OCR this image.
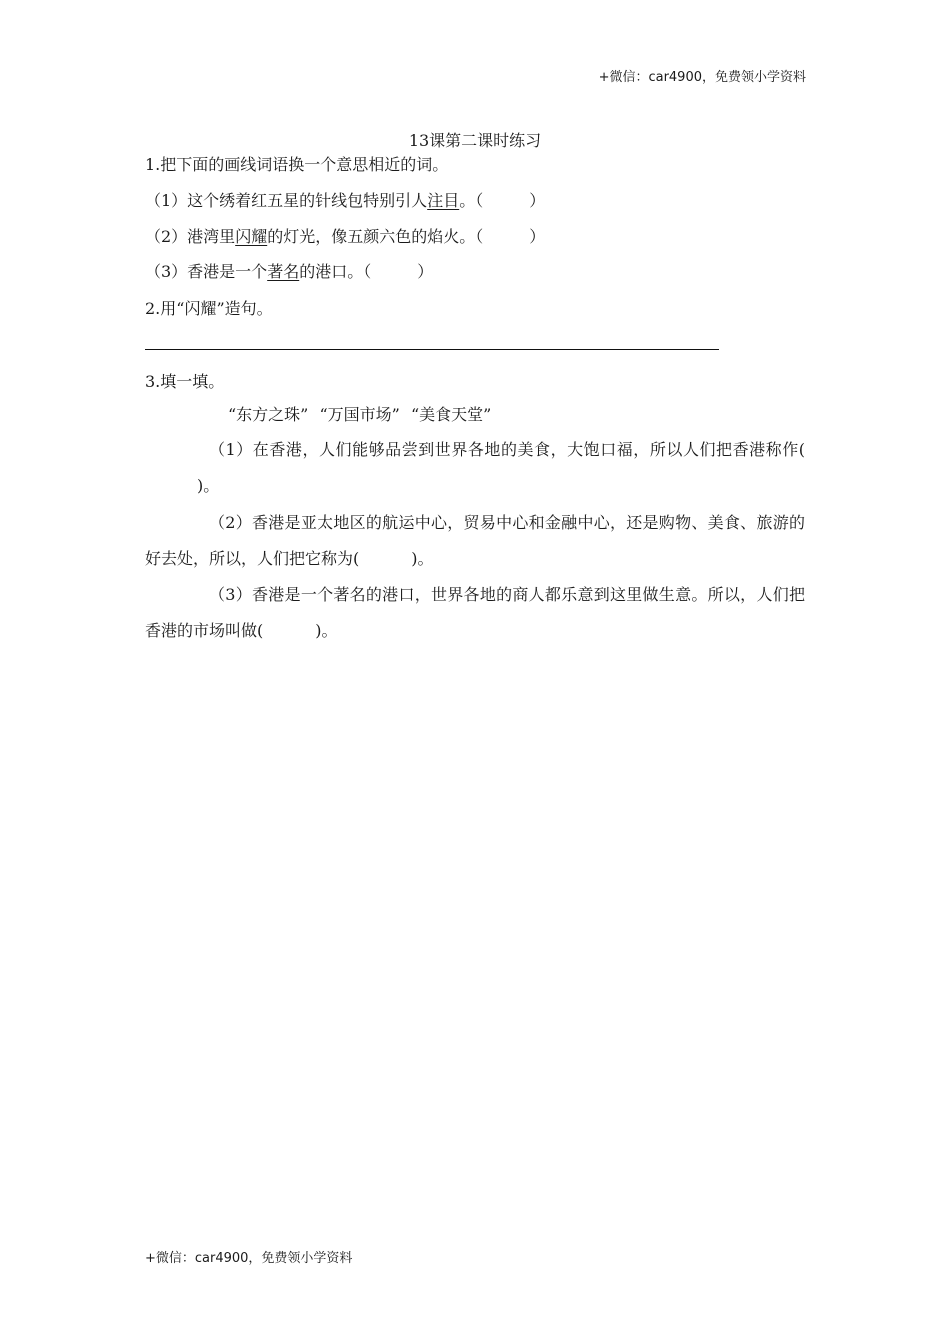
+微信：car4900，免费领小学资料
13课第二课时练习
1.把下面的画线词语换一个意思相近的词。
（1）这个绣着红五星的针线包特别引人注目。（	）
（2）港湾里闪耀的灯光，像五颜六色的焰火。（	）
（3）香港是一个著名的港口。（	）
2.用“闪耀”造句。
3.填一填。
“东方之珠” “万国市场” “美食天堂”
（1）在香港，人们能够品尝到世界各地的美食，大饱口福，所以人们把香港称作()。
（2）香港是亚太地区的航运中心，贸易中心和金融中心，还是购物、美食、旅游的好去处，所以，人们把它称为(	)。
（3）香港是一个著名的港口，世界各地的商人都乐意到这里做生意。所以，人们把香港的市场叫做(	)。
+微信：car4900，免费领小学资料
